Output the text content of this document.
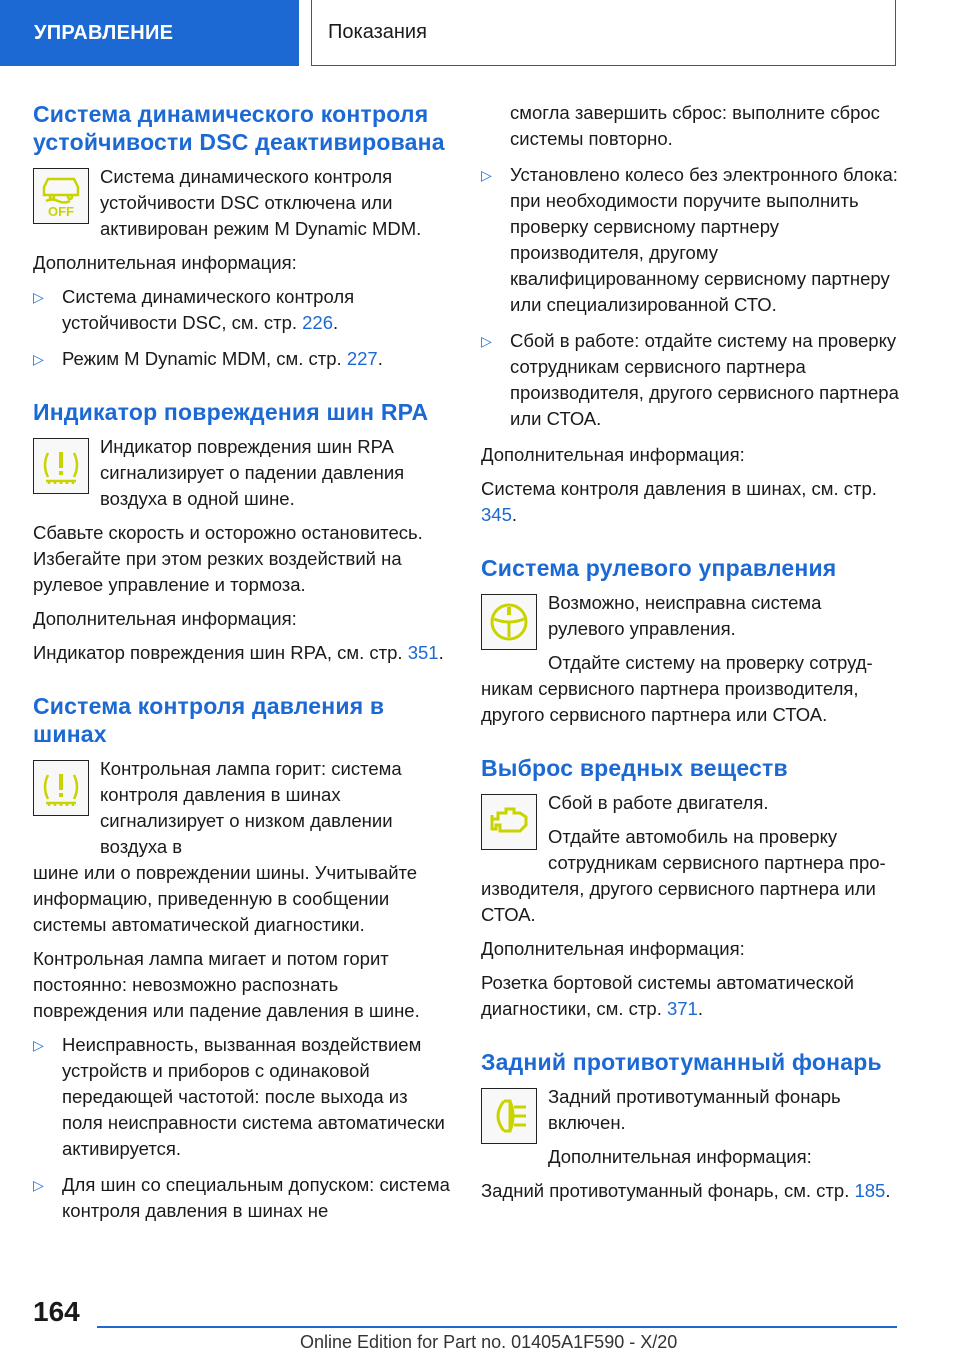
УПРАВЛЕНИЕ	Показания
Система динамического контроля устойчивости DSC деактивирована
OFF

Система динамического контроля устойчивости DSC отключена или активирован режим M Dynamic MDM.

Дополнительная информация:

▷ Система динамического контроля устойчивости DSC, см. стр. 226.
▷ Режим M Dynamic MDM, см. стр. 227.
Индикатор повреждения шин RPA

Индикатор повреждения шин RPA сигнализирует о падении давления воздуха в одной шине.

Сбавьте скорость и осторожно остановитесь. Избегайте при этом резких воздействий на рулевое управление и тормоза.

Дополнительная информация:

Индикатор повреждения шин RPA, см. стр. 351.

Система контроля давления в шинах

Контрольная лампа горит: система контроля давления в шинах сигнализирует о низком давлении воздуха в

шине или о повреждении шины. Учитывайте информацию, приведенную в сообщении системы автоматической диагностики.

Контрольная лампа мигает и потом горит постоянно: невозможно распознать повреждения или падение давления в шине.

▷ Неисправность, вызванная воздействием устройств и приборов с одинаковой передающей частотой: после выхода из поля неисправности система автоматически активируется.
▷ Для шин со специальным допуском: система контроля давления в шинах не
смогла завершить сброс: выполните сброс системы повторно.
▷ Установлено колесо без электронного блока: при необходимости поручите выполнить проверку сервисному партнеру производителя, другому квалифицированному сервисному партнеру или специализированной СТО.
▷ Сбой в работе: отдайте систему на проверку сотрудникам сервисного партнера производителя, другого сервисного партнера или СТОА.

Дополнительная информация:

Система контроля давления в шинах, см. стр. 345.

Система рулевого управления

Возможно, неисправна система рулевого управления.

Отдайте систему на проверку сотруд-

никам сервисного партнера производителя, другого сервисного партнера или СТОА.

Выброс вредных веществ

Сбой в работе двигателя.

Отдайте автомобиль на проверку сотрудникам сервисного партнера про-

изводителя, другого сервисного партнера или СТОА.

Дополнительная информация:

Розетка бортовой системы автоматической диагностики, см. стр. 371.

Задний противотуманный фонарь

Задний противотуманный фонарь включен.

Дополнительная информация:

Задний противотуманный фонарь, см. стр. 185.

164
Online Edition for Part no. 01405A1F590 - X/20
